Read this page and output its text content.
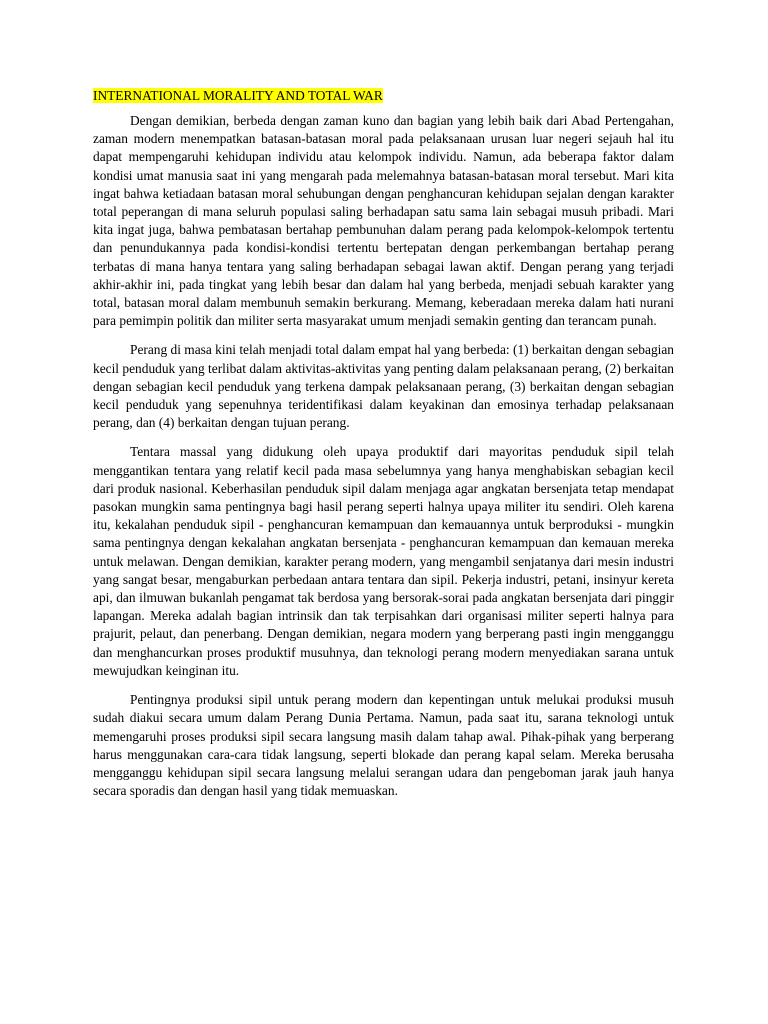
INTERNATIONAL MORALITY AND TOTAL WAR

Dengan demikian, berbeda dengan zaman kuno dan bagian yang lebih baik dari Abad Pertengahan, zaman modern menempatkan batasan-batasan moral pada pelaksanaan urusan luar negeri sejauh hal itu dapat mempengaruhi kehidupan individu atau kelompok individu. Namun, ada beberapa faktor dalam kondisi umat manusia saat ini yang mengarah pada melemahnya batasan-batasan moral tersebut. Mari kita ingat bahwa ketiadaan batasan moral sehubungan dengan penghancuran kehidupan sejalan dengan karakter total peperangan di mana seluruh populasi saling berhadapan satu sama lain sebagai musuh pribadi. Mari kita ingat juga, bahwa pembatasan bertahap pembunuhan dalam perang pada kelompok-kelompok tertentu dan penundukannya pada kondisi-kondisi tertentu bertepatan dengan perkembangan bertahap perang terbatas di mana hanya tentara yang saling berhadapan sebagai lawan aktif. Dengan perang yang terjadi akhir-akhir ini, pada tingkat yang lebih besar dan dalam hal yang berbeda, menjadi sebuah karakter yang total, batasan moral dalam membunuh semakin berkurang. Memang, keberadaan mereka dalam hati nurani para pemimpin politik dan militer serta masyarakat umum menjadi semakin genting dan terancam punah.

Perang di masa kini telah menjadi total dalam empat hal yang berbeda: (1) berkaitan dengan sebagian kecil penduduk yang terlibat dalam aktivitas-aktivitas yang penting dalam pelaksanaan perang, (2) berkaitan dengan sebagian kecil penduduk yang terkena dampak pelaksanaan perang, (3) berkaitan dengan sebagian kecil penduduk yang sepenuhnya teridentifikasi dalam keyakinan dan emosinya terhadap pelaksanaan perang, dan (4) berkaitan dengan tujuan perang.

Tentara massal yang didukung oleh upaya produktif dari mayoritas penduduk sipil telah menggantikan tentara yang relatif kecil pada masa sebelumnya yang hanya menghabiskan sebagian kecil dari produk nasional. Keberhasilan penduduk sipil dalam menjaga agar angkatan bersenjata tetap mendapat pasokan mungkin sama pentingnya bagi hasil perang seperti halnya upaya militer itu sendiri. Oleh karena itu, kekalahan penduduk sipil - penghancuran kemampuan dan kemauannya untuk berproduksi - mungkin sama pentingnya dengan kekalahan angkatan bersenjata - penghancuran kemampuan dan kemauan mereka untuk melawan. Dengan demikian, karakter perang modern, yang mengambil senjatanya dari mesin industri yang sangat besar, mengaburkan perbedaan antara tentara dan sipil. Pekerja industri, petani, insinyur kereta api, dan ilmuwan bukanlah pengamat tak berdosa yang bersorak-sorai pada angkatan bersenjata dari pinggir lapangan. Mereka adalah bagian intrinsik dan tak terpisahkan dari organisasi militer seperti halnya para prajurit, pelaut, dan penerbang. Dengan demikian, negara modern yang berperang pasti ingin mengganggu dan menghancurkan proses produktif musuhnya, dan teknologi perang modern menyediakan sarana untuk mewujudkan keinginan itu.

Pentingnya produksi sipil untuk perang modern dan kepentingan untuk melukai produksi musuh sudah diakui secara umum dalam Perang Dunia Pertama. Namun, pada saat itu, sarana teknologi untuk memengaruhi proses produksi sipil secara langsung masih dalam tahap awal. Pihak-pihak yang berperang harus menggunakan cara-cara tidak langsung, seperti blokade dan perang kapal selam. Mereka berusaha mengganggu kehidupan sipil secara langsung melalui serangan udara dan pengeboman jarak jauh hanya secara sporadis dan dengan hasil yang tidak memuaskan.
